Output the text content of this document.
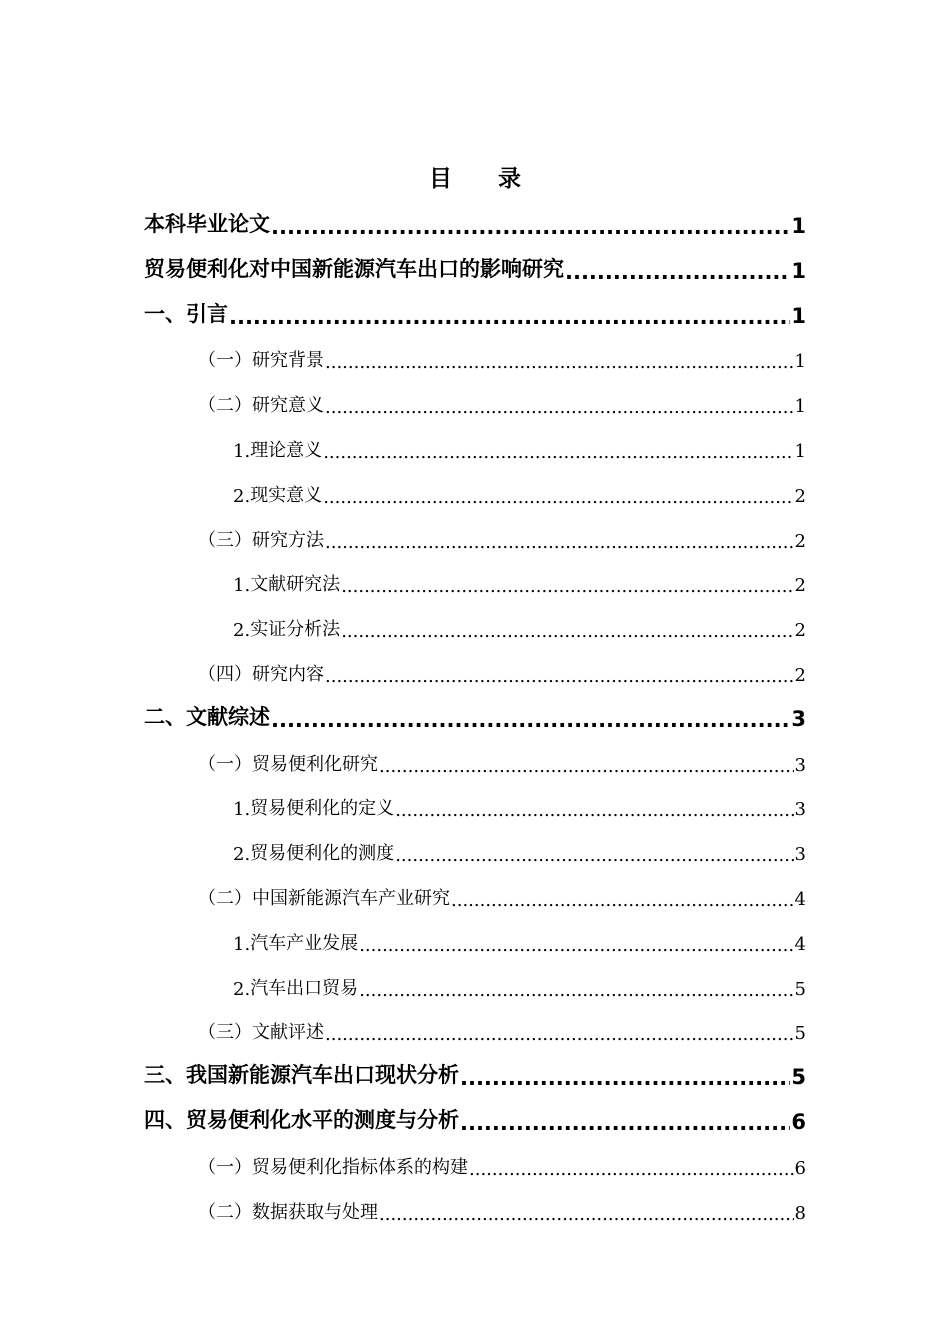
目录
本科毕业论文 .....	1
贸易便利化对中国新能源汽车出口的影响研究 .....	1
一、 引言 .....	1
（一） 研究背景 .....	1
（二） 研究意义 .....	1
1. 理论意义 .....	1
2. 现实意义 .....	2
（三） 研究方法 .....	2
1. 文献研究法 .....	2
2. 实证分析法 .....	2
（四） 研究内容 .....	2
二、 文献综述 .....	3
（一） 贸易便利化研究 .....	3
1. 贸易便利化的定义 .....	3
2. 贸易便利化的测度 .....	3
（二） 中国新能源汽车产业研究 .....	4
1. 汽车产业发展 .....	4
2. 汽车出口贸易 .....	5
（三） 文献评述 .....	5
三、 我国新能源汽车出口现状分析 .....	5
四、 贸易便利化水平的测度与分析 .....	6
（一） 贸易便利化指标体系的构建 .....	6
（二） 数据获取与处理 .....	8
